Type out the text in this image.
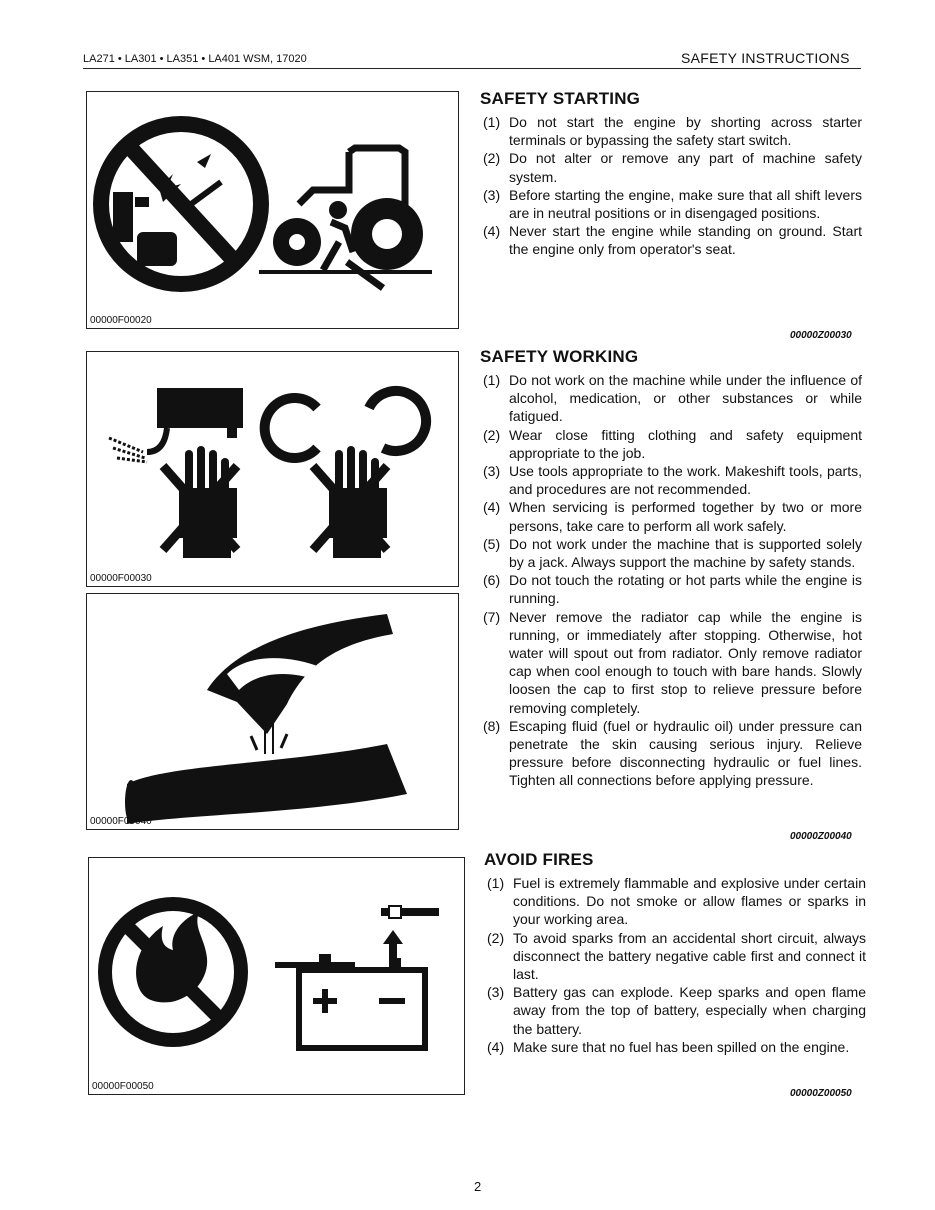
LA271 • LA301 • LA351 • LA401 WSM, 17020	SAFETY INSTRUCTIONS
00000F00020
00000F00030
00000F00040
00000F00050
SAFETY STARTING
(1) Do not start the engine by shorting across starter terminals or bypassing the safety start switch.
(2) Do not alter or remove any part of machine safety system.
(3) Before starting the engine, make sure that all shift levers are in neutral positions or in disengaged positions.
(4) Never start the engine while standing on ground. Start the engine only from operator's seat.
00000Z00030
SAFETY WORKING
(1) Do not work on the machine while under the influence of alcohol, medication, or other substances or while fatigued.
(2) Wear close fitting clothing and safety equipment appropriate to the job.
(3) Use tools appropriate to the work. Makeshift tools, parts, and procedures are not recommended.
(4) When servicing is performed together by two or more persons, take care to perform all work safely.
(5) Do not work under the machine that is supported solely by a jack. Always support the machine by safety stands.
(6) Do not touch the rotating or hot parts while the engine is running.
(7) Never remove the radiator cap while the engine is running, or immediately after stopping. Otherwise, hot water will spout out from radiator. Only remove radiator cap when cool enough to touch with bare hands. Slowly loosen the cap to first stop to relieve pressure before removing completely.
(8) Escaping fluid (fuel or hydraulic oil) under pressure can penetrate the skin causing serious injury. Relieve pressure before disconnecting hydraulic or fuel lines. Tighten all connections before applying pressure.
00000Z00040
AVOID FIRES
(1) Fuel is extremely flammable and explosive under certain conditions. Do not smoke or allow flames or sparks in your working area.
(2) To avoid sparks from an accidental short circuit, always disconnect the battery negative cable first and connect it last.
(3) Battery gas can explode. Keep sparks and open flame away from the top of battery, especially when charging the battery.
(4) Make sure that no fuel has been spilled on the engine.
00000Z00050
2
